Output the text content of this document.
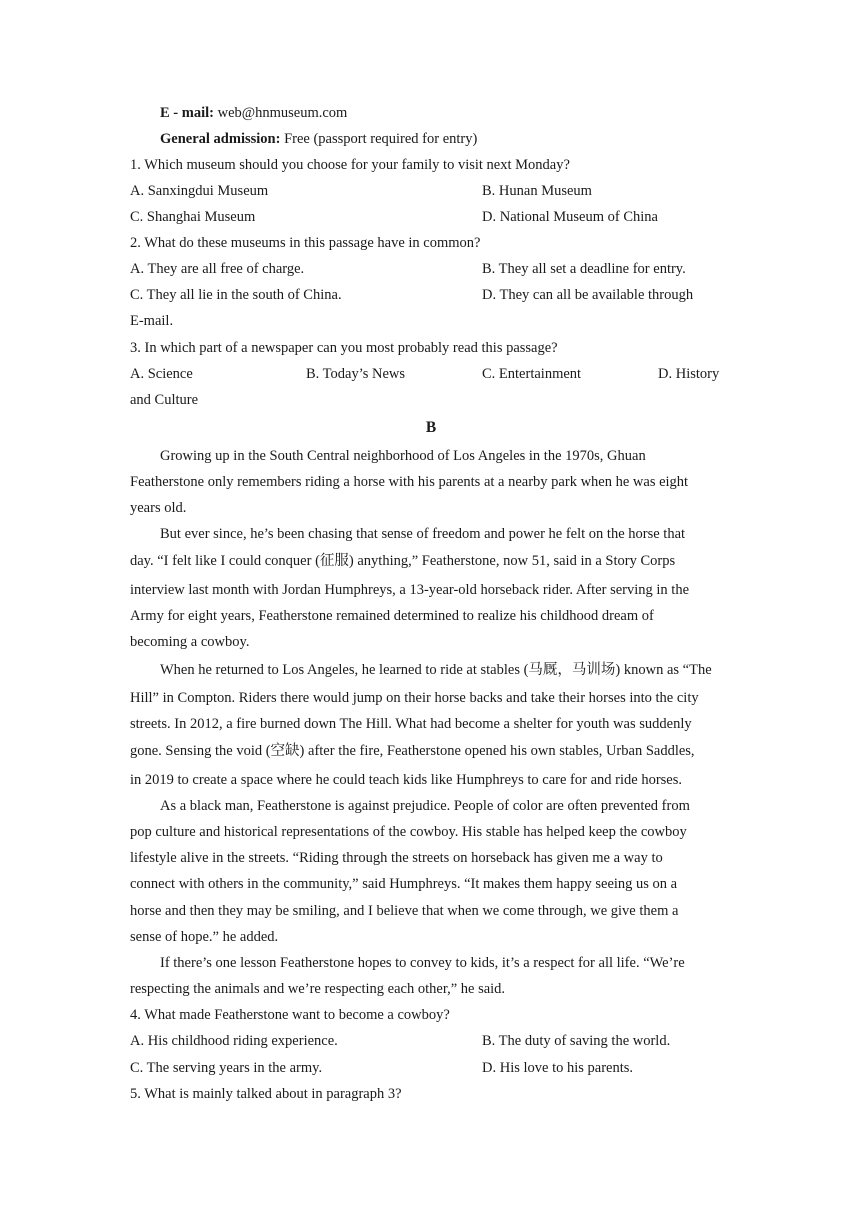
E - mail: web@hnmuseum.com
General admission: Free (passport required for entry)
1. Which museum should you choose for your family to visit next Monday?
A. Sanxingdui Museum	B. Hunan Museum
C. Shanghai Museum	D. National Museum of China
2. What do these museums in this passage have in common?
A. They are all free of charge.	B. They all set a deadline for entry.
C. They all lie in the south of China.	D. They can all be available through
E-mail.
3. In which part of a newspaper can you most probably read this passage?
A. Science	B. Today’s News	C. Entertainment	D. History
and Culture
B
Growing up in the South Central neighborhood of Los Angeles in the 1970s, Ghuan
Featherstone only remembers riding a horse with his parents at a nearby park when he was eight
years old.
But ever since, he’s been chasing that sense of freedom and power he felt on the horse that
day. “I felt like I could conquer (征服) anything,” Featherstone, now 51, said in a Story Corps
interview last month with Jordan Humphreys, a 13-year-old horseback rider. After serving in the
Army for eight years, Featherstone remained determined to realize his childhood dream of
becoming a cowboy.
When he returned to Los Angeles, he learned to ride at stables (马厩，马训场) known as “The
Hill” in Compton. Riders there would jump on their horse backs and take their horses into the city
streets. In 2012, a fire burned down The Hill. What had become a shelter for youth was suddenly
gone. Sensing the void (空缺) after the fire, Featherstone opened his own stables, Urban Saddles,
in 2019 to create a space where he could teach kids like Humphreys to care for and ride horses.
As a black man, Featherstone is against prejudice. People of color are often prevented from
pop culture and historical representations of the cowboy. His stable has helped keep the cowboy
lifestyle alive in the streets. “Riding through the streets on horseback has given me a way to
connect with others in the community,” said Humphreys. “It makes them happy seeing us on a
horse and then they may be smiling, and I believe that when we come through, we give them a
sense of hope.” he added.
If there’s one lesson Featherstone hopes to convey to kids, it’s a respect for all life. “We’re
respecting the animals and we’re respecting each other,” he said.
4. What made Featherstone want to become a cowboy?
A. His childhood riding experience.	B. The duty of saving the world.
C. The serving years in the army.	D. His love to his parents.
5. What is mainly talked about in paragraph 3?
